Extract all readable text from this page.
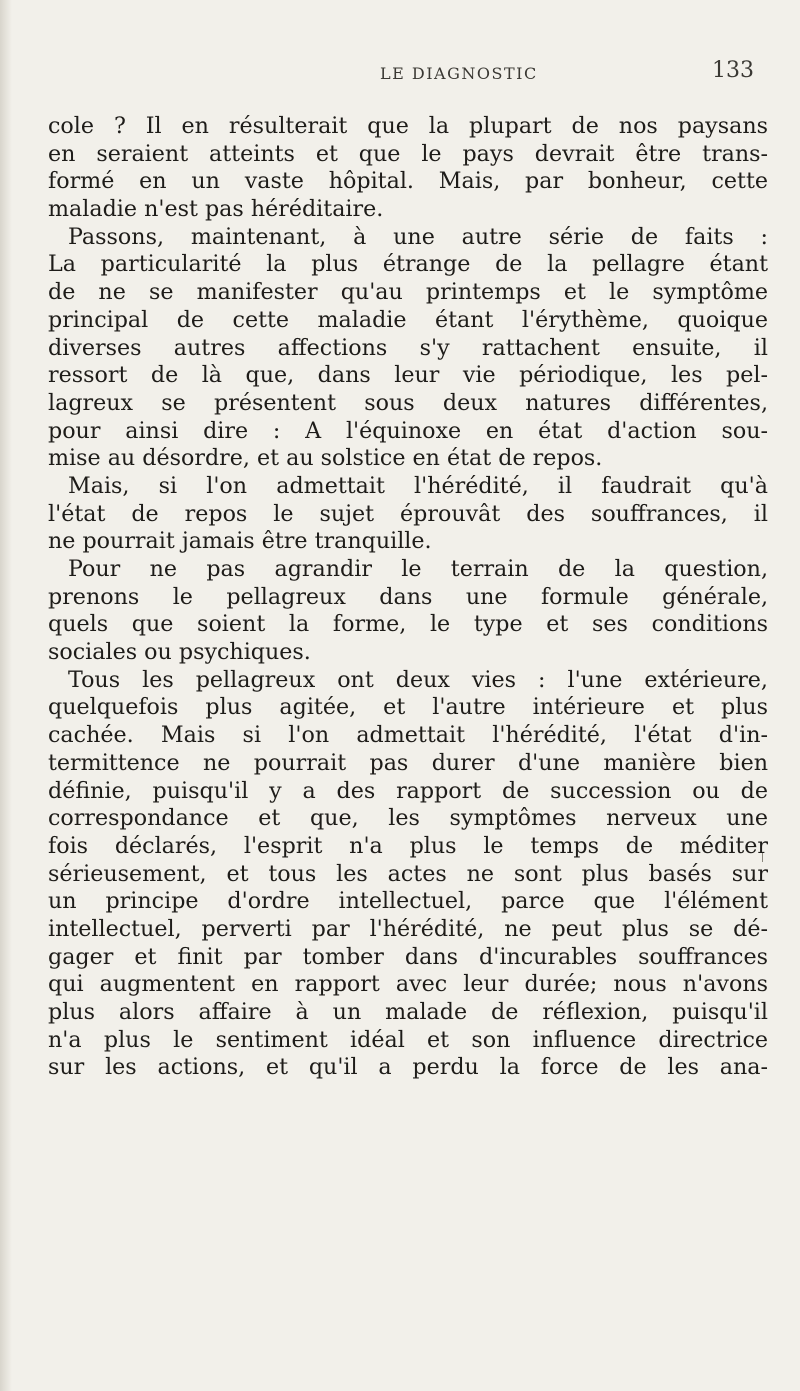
LE DIAGNOSTIC	133
cole ? Il en résulterait que la plupart de nos paysans
en seraient atteints et que le pays devrait être trans-
formé en un vaste hôpital. Mais, par bonheur, cette
maladie n'est pas héréditaire.
Passons, maintenant, à une autre série de faits :
La particularité la plus étrange de la pellagre étant
de ne se manifester qu'au printemps et le symptôme
principal de cette maladie étant l'érythème, quoique
diverses autres affections s'y rattachent ensuite, il
ressort de là que, dans leur vie périodique, les pel-
lagreux se présentent sous deux natures différentes,
pour ainsi dire : A l'équinoxe en état d'action sou-
mise au désordre, et au solstice en état de repos.
Mais, si l'on admettait l'hérédité, il faudrait qu'à
l'état de repos le sujet éprouvât des souffrances, il
ne pourrait jamais être tranquille.
Pour ne pas agrandir le terrain de la question,
prenons le pellagreux dans une formule générale,
quels que soient la forme, le type et ses conditions
sociales ou psychiques.
Tous les pellagreux ont deux vies : l'une extérieure,
quelquefois plus agitée, et l'autre intérieure et plus
cachée. Mais si l'on admettait l'hérédité, l'état d'in-
termittence ne pourrait pas durer d'une manière bien
définie, puisqu'il y a des rapport de succession ou de
correspondance et que, les symptômes nerveux une
fois déclarés, l'esprit n'a plus le temps de méditer
sérieusement, et tous les actes ne sont plus basés sur
un principe d'ordre intellectuel, parce que l'élément
intellectuel, perverti par l'hérédité, ne peut plus se dé-
gager et finit par tomber dans d'incurables souffrances
qui augmentent en rapport avec leur durée; nous n'avons
plus alors affaire à un malade de réflexion, puisqu'il
n'a plus le sentiment idéal et son influence directrice
sur les actions, et qu'il a perdu la force de les ana-
